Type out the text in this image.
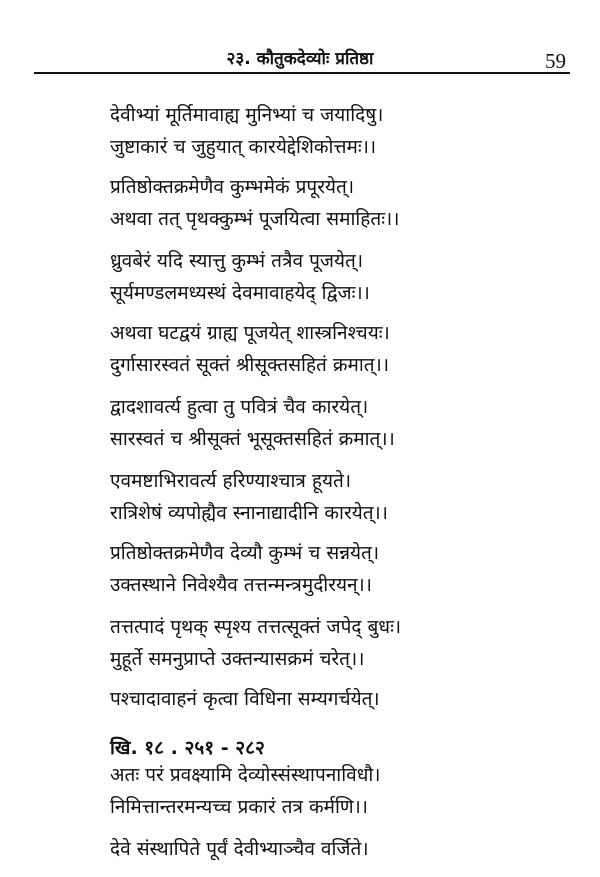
२३. कौतुकदेव्योः प्रतिष्ठा	59
देवीभ्यां मूर्तिमावाह्य मुनिभ्यां च जयादिषु।
जुष्टाकारं च जुहुयात् कारयेद्देशिकोत्तमः।।
प्रतिष्ठोक्तक्रमेणैव कुम्भमेकं प्रपूरयेत्।
अथवा तत् पृथक्कुम्भं पूजयित्वा समाहितः।।
ध्रुवबेरं यदि स्यात्तु कुम्भं तत्रैव पूजयेत्।
सूर्यमण्डलमध्यस्थं देवमावाहयेद् द्विजः।।
अथवा घटद्वयं ग्राह्य पूजयेत् शास्त्रनिश्चयः।
दुर्गासारस्वतं सूक्तं श्रीसूक्तसहितं क्रमात्।।
द्वादशावर्त्य हुत्वा तु पवित्रं चैव कारयेत्।
सारस्वतं च श्रीसूक्तं भूसूक्तसहितं क्रमात्।।
एवमष्टाभिरावर्त्य हरिण्याश्चात्र हूयते।
रात्रिशेषं व्यपोह्यैव स्नानाद्यादीनि कारयेत्।।
प्रतिष्ठोक्तक्रमेणैव देव्यौ कुम्भं च सन्नयेत्।
उक्तस्थाने निवेश्यैव तत्तन्मन्त्रमुदीरयन्।।
तत्तत्पादं पृथक् स्पृश्य तत्तत्सूक्तं जपेद् बुधः।
मुहूर्ते समनुप्राप्ते उक्तन्यासक्रमं चरेत्।।
पश्चादावाहनं कृत्वा विधिना सम्यगर्चयेत्।
खि. १८ . २५१ - २८२
अतः परं प्रवक्ष्यामि देव्योस्संस्थापनाविधौ।
निमित्तान्तरमन्यच्च प्रकारं तत्र कर्मणि।।
देवे संस्थापिते पूर्वं देवीभ्याञ्चैव वर्जिते।
